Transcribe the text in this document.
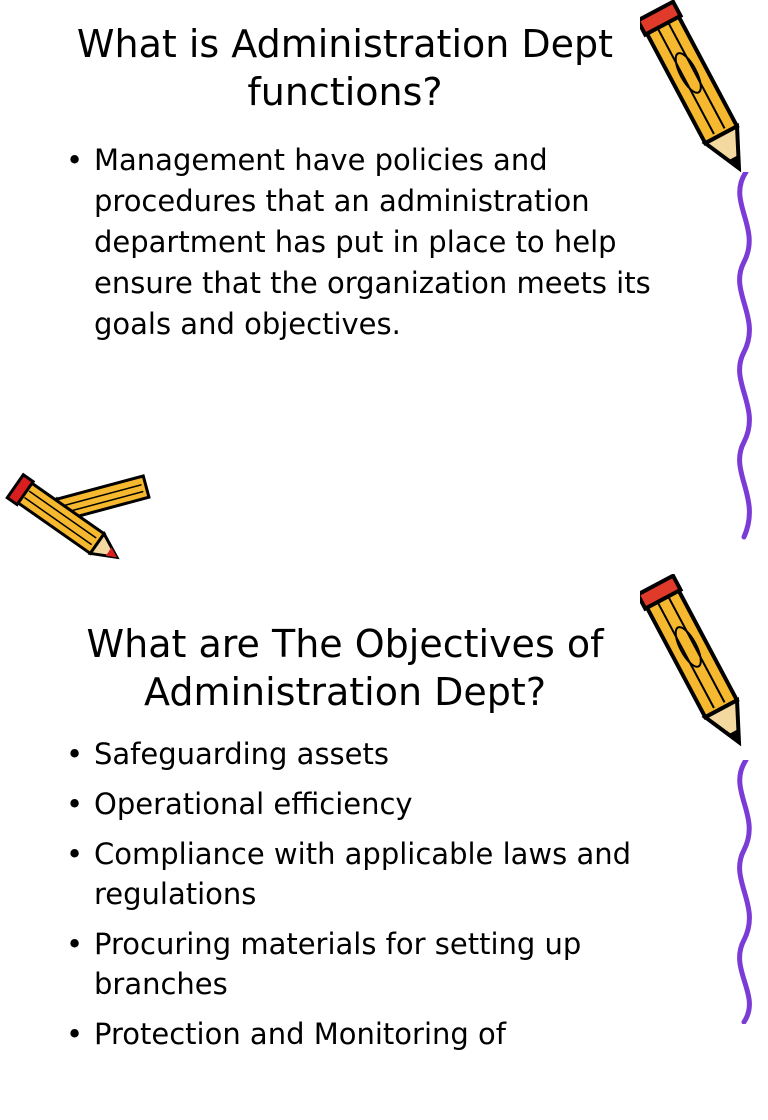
What is Administration Dept functions?
• Management have policies and procedures that an administration department has put in place to help ensure that the organization meets its goals and objectives.
What are The Objectives of Administration Dept?
• Safeguarding assets
• Operational efficiency
• Compliance with applicable laws and regulations
• Procuring materials for setting up branches
• Protection and Monitoring of
